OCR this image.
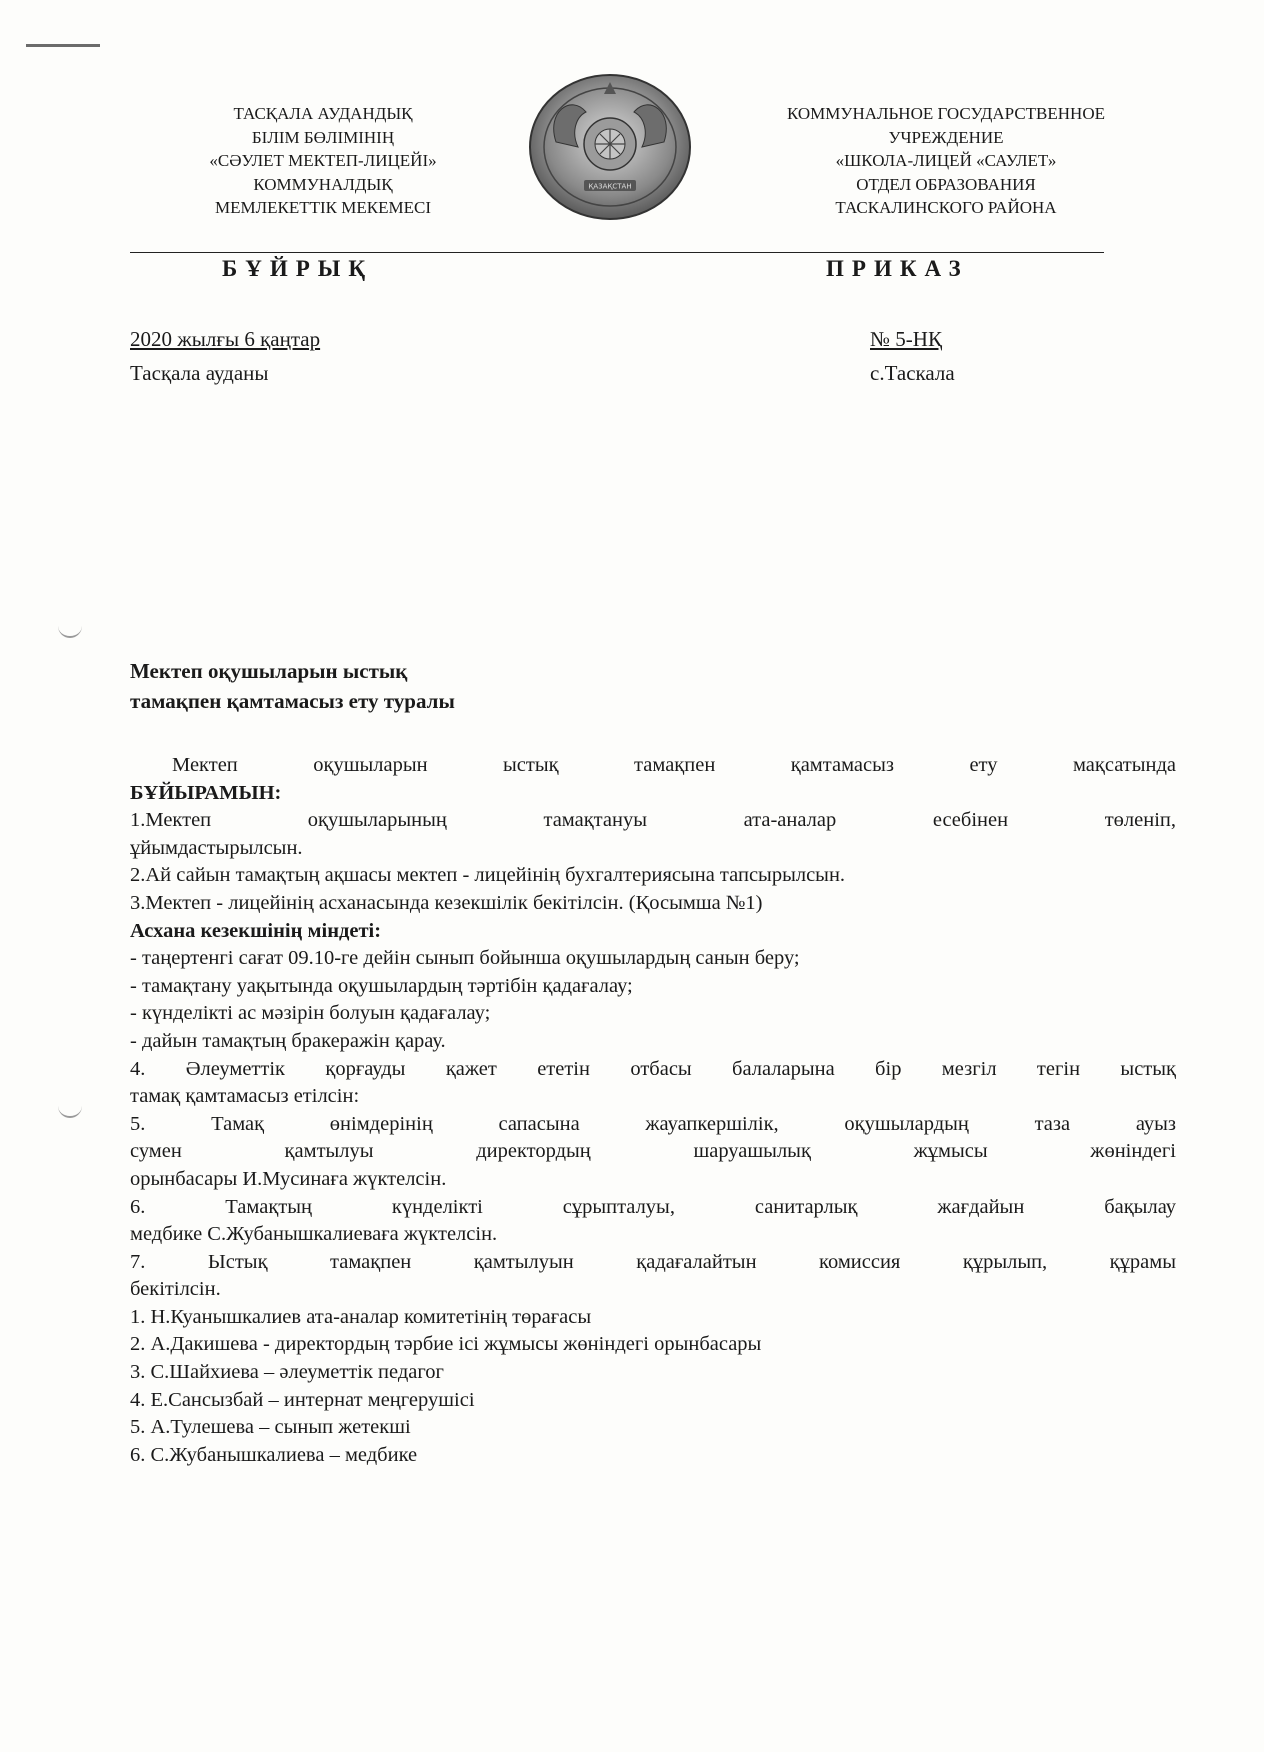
ТАСҚАЛА АУДАНДЫҚ
БІЛІМ БӨЛІМІНІҢ
«СӘУЛЕТ МЕКТЕП-ЛИЦЕЙІ»
КОММУНАЛДЫҚ
МЕМЛЕКЕТТІК МЕКЕМЕСІ
ҚАЗАҚСТАН
КОММУНАЛЬНОЕ ГОСУДАРСТВЕННОЕ
УЧРЕЖДЕНИЕ
«ШКОЛА-ЛИЦЕЙ «САУЛЕТ»
ОТДЕЛ ОБРАЗОВАНИЯ
ТАСКАЛИНСКОГО РАЙОНА
БҰЙРЫҚ	ПРИКАЗ
2020 жылғы 6 қаңтар
Тасқала ауданы
№ 5-НҚ
с.Таскала
Мектеп оқушыларын ыстық
тамақпен қамтамасыз ету туралы
Мектеп оқушыларын ыстық тамақпен қамтамасыз ету мақсатында
БҰЙЫРАМЫН:
1.Мектеп оқушыларының тамақтануы ата-аналар есебінен төленіп,
ұйымдастырылсын.
2.Ай сайын тамақтың ақшасы мектеп - лицейінің бухгалтериясына тапсырылсын.
3.Мектеп - лицейінің асханасында кезекшілік бекітілсін. (Қосымша №1)
Асхана кезекшінің міндеті:
- таңертенгі сағат 09.10-ге дейін сынып бойынша оқушылардың санын беру;
- тамақтану уақытында оқушылардың тәртібін қадағалау;
- күнделікті ас мәзірін болуын қадағалау;
- дайын тамақтың бракеражін қарау.
4. Әлеуметтік қорғауды қажет ететін отбасы балаларына бір мезгіл тегін ыстық
тамақ қамтамасыз етілсін:
5. Тамақ өнімдерінің сапасына жауапкершілік, оқушылардың таза ауыз
сумен қамтылуы директордың шаруашылық жұмысы жөніндегі
орынбасары И.Мусинаға жүктелсін.
6. Тамақтың күнделікті сұрыпталуы, санитарлық жағдайын бақылау
медбике С.Жубанышкалиеваға жүктелсін.
7. Ыстық тамақпен қамтылуын қадағалайтын комиссия құрылып, құрамы
бекітілсін.
1. Н.Куанышкалиев ата-аналар комитетінің төрағасы
2. А.Дакишева - директордың тәрбие ісі жұмысы жөніндегі орынбасары
3. С.Шайхиева – әлеуметтік педагог
4. Е.Сансызбай – интернат меңгерушісі
5. А.Тулешева – сынып жетекші
6. С.Жубанышкалиева – медбике
